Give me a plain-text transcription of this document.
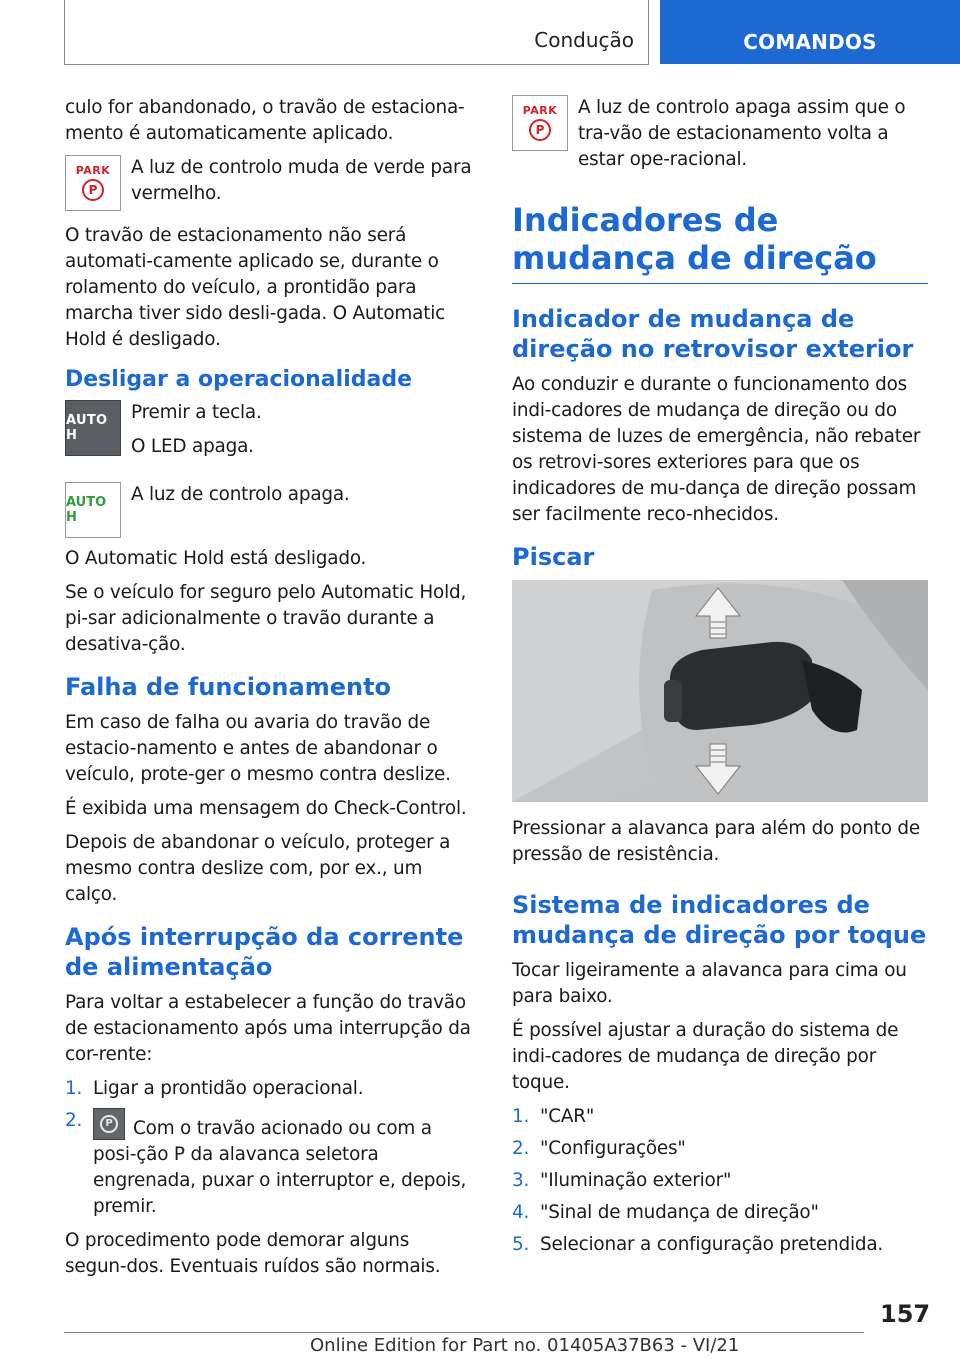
Condução	COMANDOS

culo for abandonado, o travão de estaciona-mento é automaticamente aplicado.

PARK
P

A luz de controlo muda de verde para vermelho.

O travão de estacionamento não será automati-camente aplicado se, durante o rolamento do veículo, a prontidão para marcha tiver sido desli-gada. O Automatic Hold é desligado.

Desligar a operacionalidade
AUTO H

Premir a tecla.

O LED apaga.

AUTO H

A luz de controlo apaga.

O Automatic Hold está desligado.

Se o veículo for seguro pelo Automatic Hold, pi-sar adicionalmente o travão durante a desativa-ção.

Falha de funcionamento

Em caso de falha ou avaria do travão de estacio-namento e antes de abandonar o veículo, prote-ger o mesmo contra deslize.

É exibida uma mensagem do Check-Control.

Depois de abandonar o veículo, proteger a mesmo contra deslize com, por ex., um calço.

Após interrupção da corrente de alimentação

Para voltar a estabelecer a função do travão de estacionamento após uma interrupção da cor-rente:

1. Ligar a prontidão operacional.
2.	P Com o travão acionado ou com a posi-ção P da alavanca seletora engrenada, puxar o interruptor e, depois, premir.

O procedimento pode demorar alguns segun-dos. Eventuais ruídos são normais.

PARK
P

A luz de controlo apaga assim que o tra-vão de estacionamento volta a estar ope-racional.

Indicadores de mudança de direção
Indicador de mudança de direção no retrovisor exterior

Ao conduzir e durante o funcionamento dos indi-cadores de mudança de direção ou do sistema de luzes de emergência, não rebater os retrovi-sores exteriores para que os indicadores de mu-dança de direção possam ser facilmente reco-nhecidos.

Piscar

Pressionar a alavanca para além do ponto de pressão de resistência.

Sistema de indicadores de mudança de direção por toque

Tocar ligeiramente a alavanca para cima ou para baixo.

É possível ajustar a duração do sistema de indi-cadores de mudança de direção por toque.

1. "CAR"
2. "Configurações"
3. "Iluminação exterior"
4. "Sinal de mudança de direção"
5. Selecionar a configuração pretendida.
157
Online Edition for Part no. 01405A37B63 - VI/21
